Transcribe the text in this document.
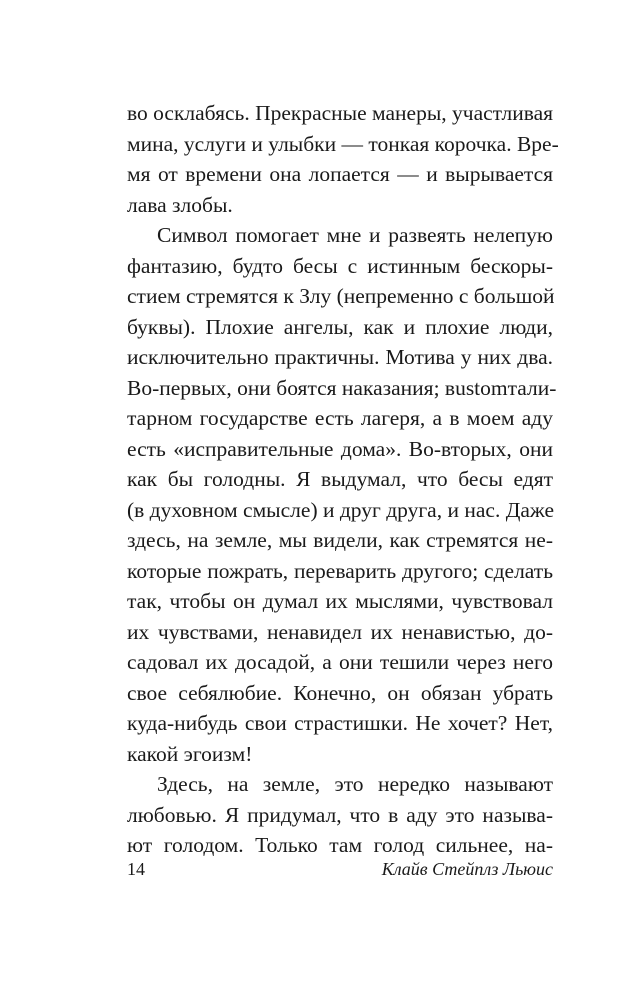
во осклабясь. Прекрасные манеры, участливая
мина, услуги и улыбки — тонкая корочка. Вре-
мя от времени она лопается — и вырывается
лава злобы.
Символ помогает мне и развеять нелепую
фантазию, будто бесы с истинным бескоры-
стием стремятся к Злу (непременно с большой
буквы). Плохие ангелы, как и плохие люди,
исключительно практичны. Мотива у них два.
Во-первых, они боятся наказания; вustomтали-
тарном государстве есть лагеря, а в моем аду
есть «исправительные дома». Во-вторых, они
как бы голодны. Я выдумал, что бесы едят
(в духовном смысле) и друг друга, и нас. Даже
здесь, на земле, мы видели, как стремятся не-
которые пожрать, переварить другого; сделать
так, чтобы он думал их мыслями, чувствовал
их чувствами, ненавидел их ненавистью, до-
садовал их досадой, а они тешили через него
свое себялюбие. Конечно, он обязан убрать
куда-нибудь свои страстишки. Не хочет? Нет,
какой эгоизм!
Здесь, на земле, это нередко называют
любовью. Я придумал, что в аду это называ-
ют голодом. Только там голод сильнее, на-
14	Клайв Стейплз Льюис
